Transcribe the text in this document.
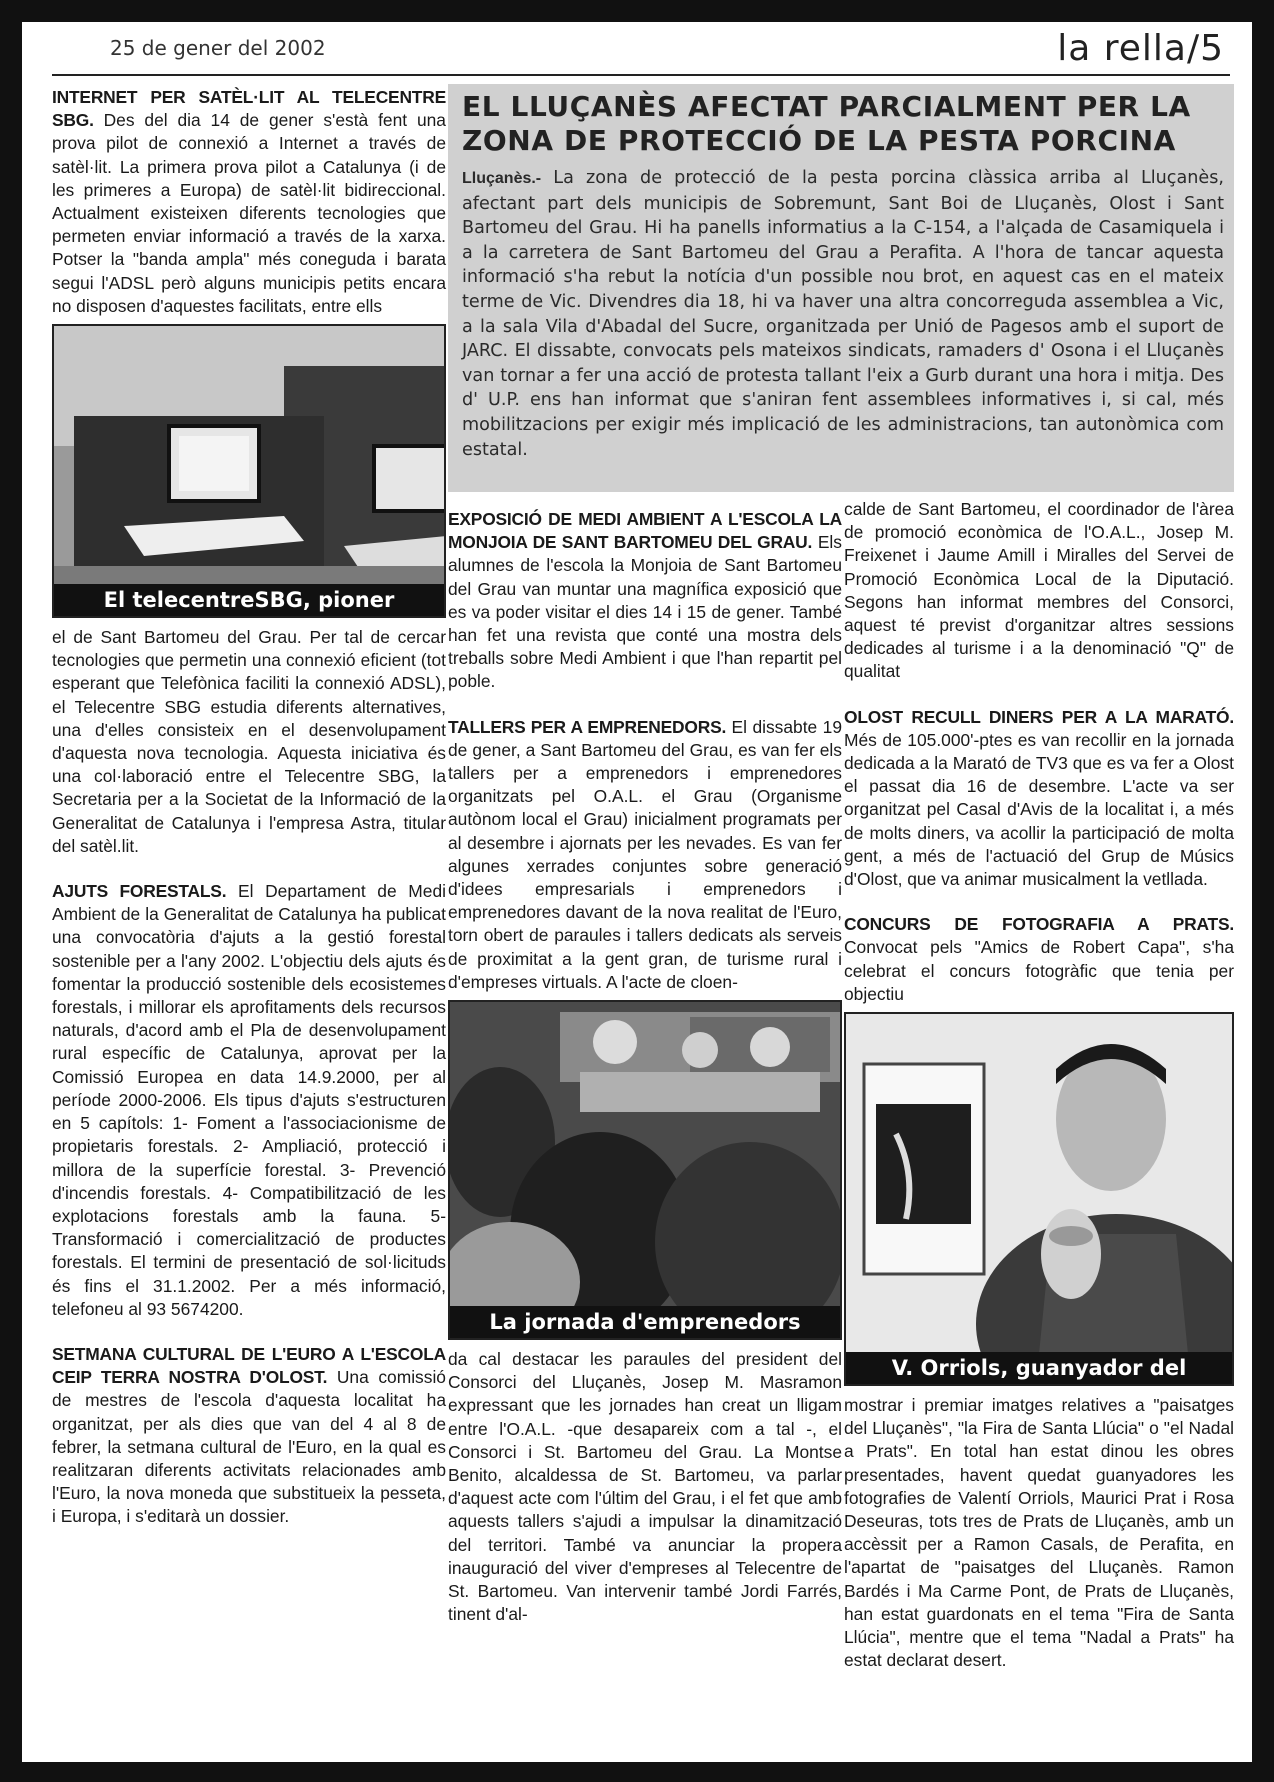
25 de gener del 2002	la rella/5
EL LLUÇANÈS AFECTAT PARCIALMENT PER LA
ZONA DE PROTECCIÓ DE LA PESTA PORCINA
Lluçanès.- La zona de protecció de la pesta porcina clàssica arriba al Lluçanès, afectant part dels municipis de Sobremunt, Sant Boi de Lluçanès, Olost i Sant Bartomeu del Grau. Hi ha panells informatius a la C-154, a l'alçada de Casamiquela i a la carretera de Sant Bartomeu del Grau a Perafita. A l'hora de tancar aquesta informació s'ha rebut la notícia d'un possible nou brot, en aquest cas en el mateix terme de Vic. Divendres dia 18, hi va haver una altra concorreguda assemblea a Vic, a la sala Vila d'Abadal del Sucre, organitzada per Unió de Pagesos amb el suport de JARC. El dissabte, convocats pels mateixos sindicats, ramaders d' Osona i el Lluçanès van tornar a fer una acció de protesta tallant l'eix a Gurb durant una hora i mitja. Des d' U.P. ens han informat que s'aniran fent assemblees informatives i, si cal, més mobilitzacions per exigir més implicació de les administracions, tan autonòmica com estatal.

INTERNET PER SATÈL·LIT AL TELECENTRE SBG. Des del dia 14 de gener s'està fent una prova pilot de connexió a Internet a través de satèl·lit. La primera prova pilot a Catalunya (i de les primeres a Europa) de satèl·lit bidireccional. Actualment existeixen diferents tecnologies que permeten enviar informació a través de la xarxa. Potser la "banda ampla" més coneguda i barata segui l'ADSL però alguns municipis petits encara no disposen d'aquestes facilitats, entre ells

El telecentreSBG, pioner

el de Sant Bartomeu del Grau. Per tal de cercar tecnologies que permetin una connexió eficient (tot esperant que Telefònica faciliti la connexió ADSL), el Telecentre SBG estudia diferents alternatives, una d'elles consisteix en el desenvolupament d'aquesta nova tecnologia. Aquesta iniciativa és una col·laboració entre el Telecentre SBG, la Secretaria per a la Societat de la Informació de la Generalitat de Catalunya i l'empresa Astra, titular del satèl.lit.

AJUTS FORESTALS. El Departament de Medi Ambient de la Generalitat de Catalunya ha publicat una convocatòria d'ajuts a la gestió forestal sostenible per a l'any 2002. L'objectiu dels ajuts és fomentar la producció sostenible dels ecosistemes forestals, i millorar els aprofitaments dels recursos naturals, d'acord amb el Pla de desenvolupament rural específic de Catalunya, aprovat per la Comissió Europea en data 14.9.2000, per al període 2000-2006. Els tipus d'ajuts s'estructuren en 5 capítols: 1- Foment a l'associacionisme de propietaris forestals. 2- Ampliació, protecció i millora de la superfície forestal. 3- Prevenció d'incendis forestals. 4- Compatibilització de les explotacions forestals amb la fauna. 5- Transformació i comercialització de productes forestals. El termini de presentació de sol·licituds és fins el 31.1.2002. Per a més informació, telefoneu al 93 5674200.

SETMANA CULTURAL DE L'EURO A L'ESCOLA CEIP TERRA NOSTRA D'OLOST. Una comissió de mestres de l'escola d'aquesta localitat ha organitzat, per als dies que van del 4 al 8 de febrer, la setmana cultural de l'Euro, en la qual es realitzaran diferents activitats relacionades amb l'Euro, la nova moneda que substitueix la pesseta, i Europa, i s'editarà un dossier.

EXPOSICIÓ DE MEDI AMBIENT A L'ESCOLA LA MONJOIA DE SANT BARTOMEU DEL GRAU. Els alumnes de l'escola la Monjoia de Sant Bartomeu del Grau van muntar una magnífica exposició que es va poder visitar el dies 14 i 15 de gener. També han fet una revista que conté una mostra dels treballs sobre Medi Ambient i que l'han repartit pel poble.

TALLERS PER A EMPRENEDORS. El dissabte 19 de gener, a Sant Bartomeu del Grau, es van fer els tallers per a emprenedors i emprenedores organitzats pel O.A.L. el Grau (Organisme autònom local el Grau) inicialment programats per al desembre i ajornats per les nevades. Es van fer algunes xerrades conjuntes sobre generació d'idees empresarials i emprenedors i emprenedores davant de la nova realitat de l'Euro, torn obert de paraules i tallers dedicats als serveis de proximitat a la gent gran, de turisme rural i d'empreses virtuals. A l'acte de cloen-

La jornada d'emprenedors

da cal destacar les paraules del president del Consorci del Lluçanès, Josep M. Masramon expressant que les jornades han creat un lligam entre l'O.A.L. -que desapareix com a tal -, el Consorci i St. Bartomeu del Grau. La Montse Benito, alcaldessa de St. Bartomeu, va parlar d'aquest acte com l'últim del Grau, i el fet que amb aquests tallers s'ajudi a impulsar la dinamització del territori. També va anunciar la propera inauguració del viver d'empreses al Telecentre de St. Bartomeu. Van intervenir també Jordi Farrés, tinent d'al-

calde de Sant Bartomeu, el coordinador de l'àrea de promoció econòmica de l'O.A.L., Josep M. Freixenet i Jaume Amill i Miralles del Servei de Promoció Econòmica Local de la Diputació. Segons han informat membres del Consorci, aquest té previst d'organitzar altres sessions dedicades al turisme i a la denominació "Q" de qualitat

OLOST RECULL DINERS PER A LA MARATÓ. Més de 105.000'-ptes es van recollir en la jornada dedicada a la Marató de TV3 que es va fer a Olost el passat dia 16 de desembre. L'acte va ser organitzat pel Casal d'Avis de la localitat i, a més de molts diners, va acollir la participació de molta gent, a més de l'actuació del Grup de Músics d'Olost, que va animar musicalment la vetllada.

CONCURS DE FOTOGRAFIA A PRATS. Convocat pels "Amics de Robert Capa", s'ha celebrat el concurs fotogràfic que tenia per objectiu

V. Orriols, guanyador del

mostrar i premiar imatges relatives a "paisatges del Lluçanès", "la Fira de Santa Llúcia" o "el Nadal a Prats". En total han estat dinou les obres presentades, havent quedat guanyadores les fotografies de Valentí Orriols, Maurici Prat i Rosa Deseuras, tots tres de Prats de Lluçanès, amb un accèssit per a Ramon Casals, de Perafita, en l'apartat de "paisatges del Lluçanès. Ramon Bardés i Ma Carme Pont, de Prats de Lluçanès, han estat guardonats en el tema "Fira de Santa Llúcia", mentre que el tema "Nadal a Prats" ha estat declarat desert.
